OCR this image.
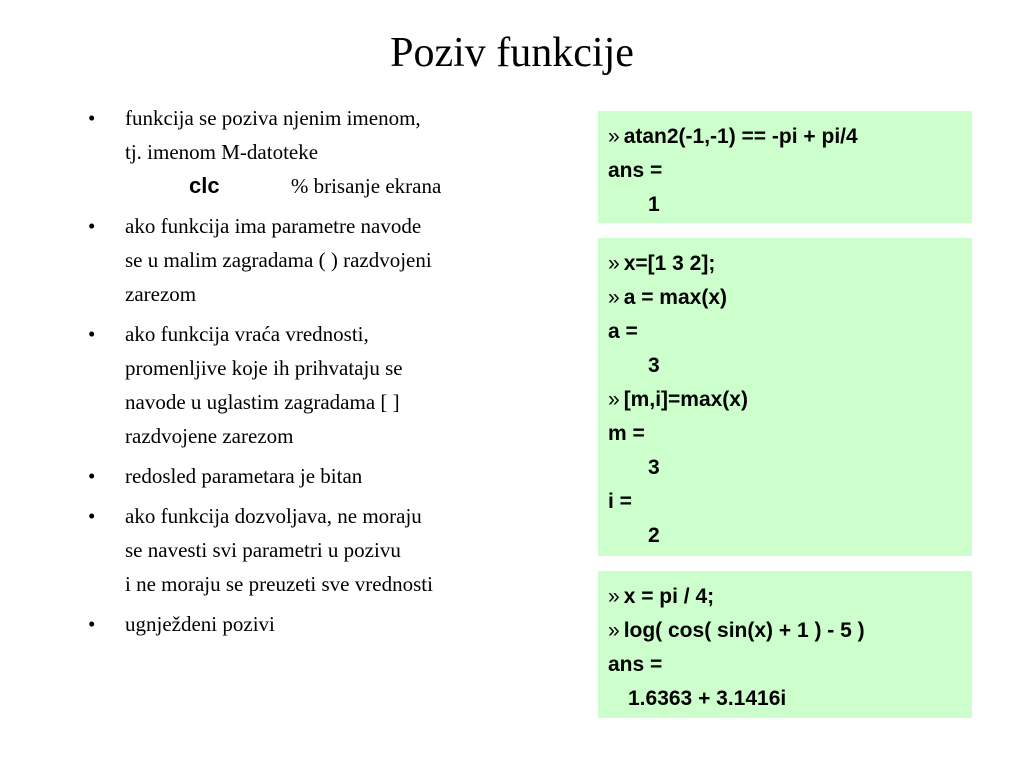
Poziv funkcije
• funkcija se poziva njenim imenom,
tj. imenom M-datoteke
clc	% brisanje ekrana
• ako funkcija ima parametre navode
se u malim zagradama ( ) razdvojeni
zarezom
• ako funkcija vraća vrednosti,
promenljive koje ih prihvataju se
navode u uglastim zagradama [ ]
razdvojene zarezom
• redosled parametara je bitan
• ako funkcija dozvoljava, ne moraju
se navesti svi parametri u pozivu
i ne moraju se preuzeti sve vrednosti
• ugnježdeni pozivi
» atan2(-1,-1) == -pi + pi/4
ans =
1
» x=[1 3 2];
» a = max(x)
a =
3
» [m,i]=max(x)
m =
3
i =
2
» x = pi / 4;
» log( cos( sin(x) + 1 ) - 5 )
ans =
1.6363 + 3.1416i
